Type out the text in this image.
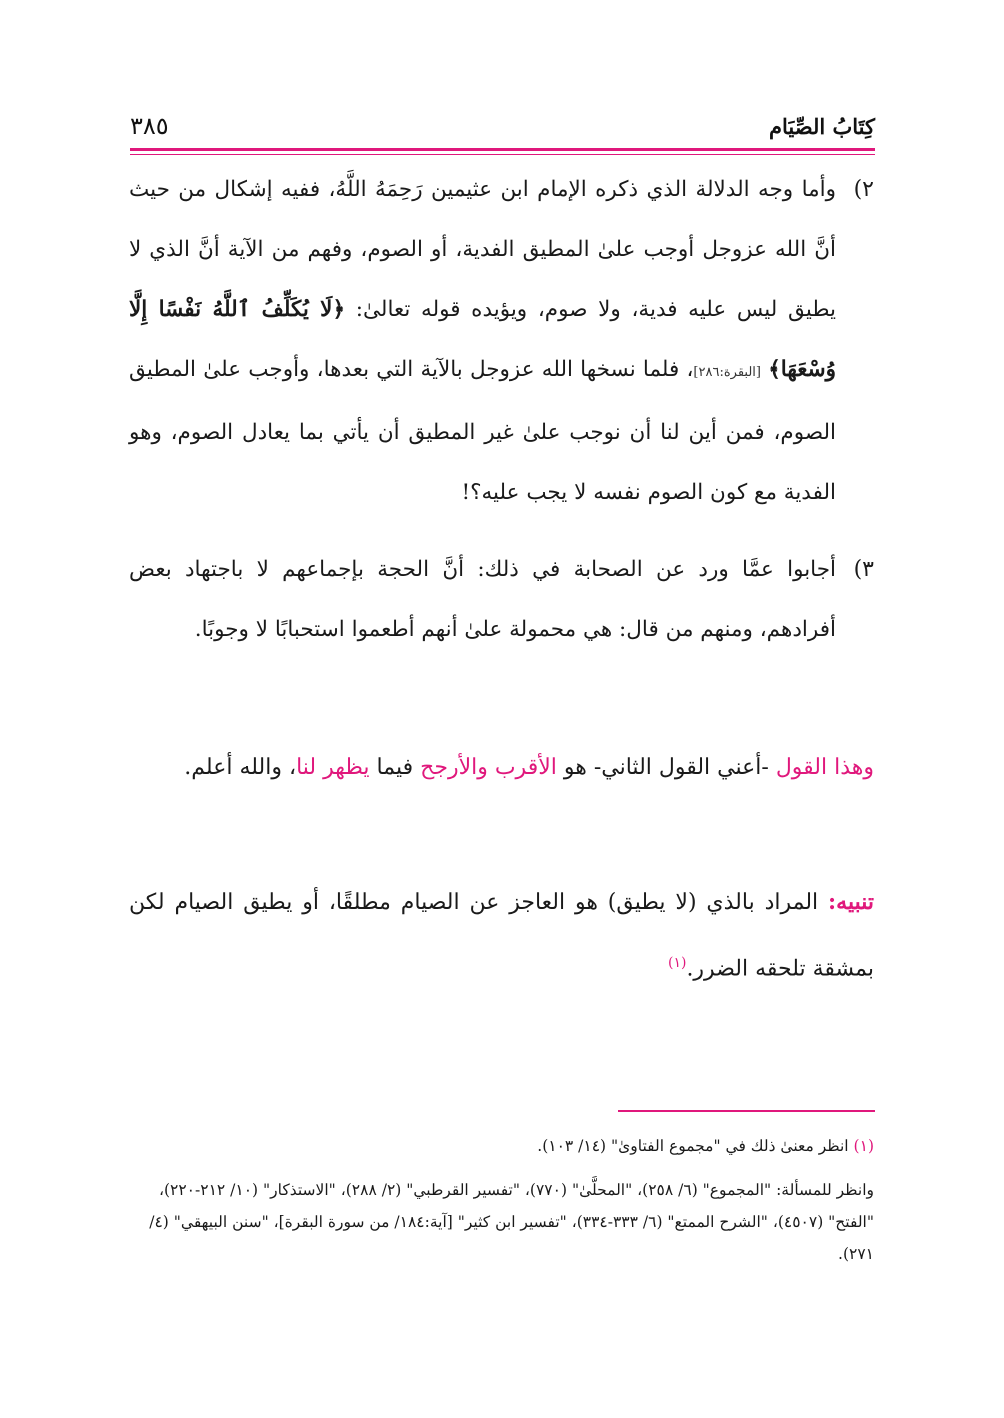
كِتَابُ الصِّيَام
٣٨٥
٢)
وأما وجه الدلالة الذي ذكره الإمام ابن عثيمين رَحِمَهُ اللَّهُ، ففيه إشكال من حيث أنَّ الله عزوجل أوجب علىٰ المطيق الفدية، أو الصوم، وفهم من الآية أنَّ الذي لا يطيق ليس عليه فدية، ولا صوم، ويؤيده قوله تعالىٰ: ﴿لَا يُكَلِّفُ ٱللَّهُ نَفْسًا إِلَّا وُسْعَهَا﴾ [البقرة:٢٨٦]، فلما نسخها الله عزوجل بالآية التي بعدها، وأوجب علىٰ المطيق الصوم، فمن أين لنا أن نوجب علىٰ غير المطيق أن يأتي بما يعادل الصوم، وهو الفدية مع كون الصوم نفسه لا يجب عليه؟!
٣)
أجابوا عمَّا ورد عن الصحابة في ذلك: أنَّ الحجة بإجماعهم لا باجتهاد بعض أفرادهم، ومنهم من قال: هي محمولة علىٰ أنهم أطعموا استحبابًا لا وجوبًا.
وهذا القول -أعني القول الثاني- هو الأقرب والأرجح فيما يظهر لنا، والله أعلم.
تنبيه: المراد بالذي (لا يطيق) هو العاجز عن الصيام مطلقًا، أو يطيق الصيام لكن بمشقة تلحقه الضرر.$^{(١)}$

(١) انظر معنىٰ ذلك في "مجموع الفتاوىٰ" (١٤/ ١٠٣).

وانظر للمسألة: "المجموع" (٦/ ٢٥٨)، "المحلَّىٰ" (٧٧٠)، "تفسير القرطبي" (٢/ ٢٨٨)، "الاستذكار" (١٠/ ٢١٢-٢٢٠)، "الفتح" (٤٥٠٧)، "الشرح الممتع" (٦/ ٣٣٣-٣٣٤)، "تفسير ابن كثير" [آية:١٨٤/ من سورة البقرة]، "سنن البيهقي" (٤/ ٢٧١).
